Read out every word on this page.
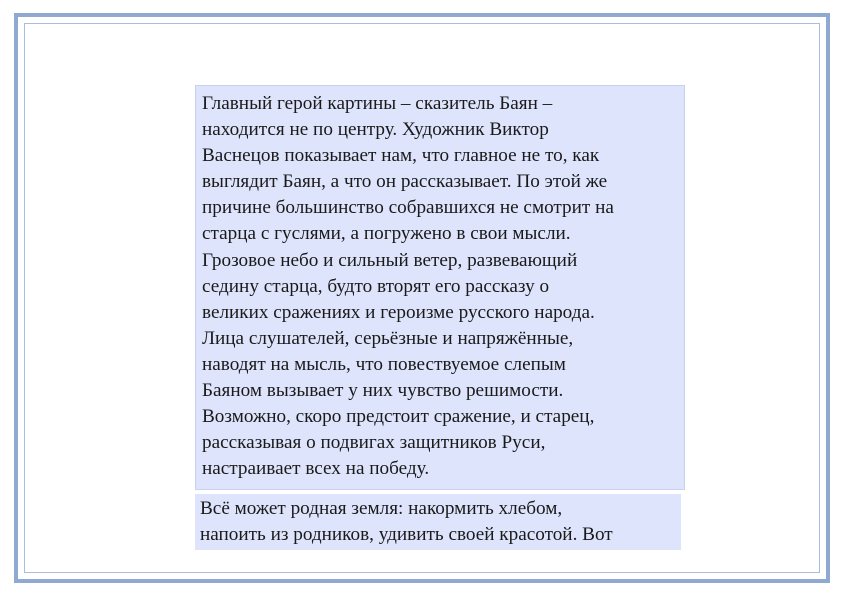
Главный герой картины – сказитель Баян –
находится не по центру. Художник Виктор
Васнецов показывает нам, что главное не то, как
выглядит Баян, а что он рассказывает. По этой же
причине большинство собравшихся не смотрит на
старца с гуслями, а погружено в свои мысли.
Грозовое небо и сильный ветер, развевающий
седину старца, будто вторят его рассказу о
великих сражениях и героизме русского народа.
Лица слушателей, серьёзные и напряжённые,
наводят на мысль, что повествуемое слепым
Баяном вызывает у них чувство решимости.
Возможно, скоро предстоит сражение, и старец,
рассказывая о подвигах защитников Руси,
настраивает всех на победу.
Всё может родная земля: накормить хлебом,
напоить из родников, удивить своей красотой. Вот
